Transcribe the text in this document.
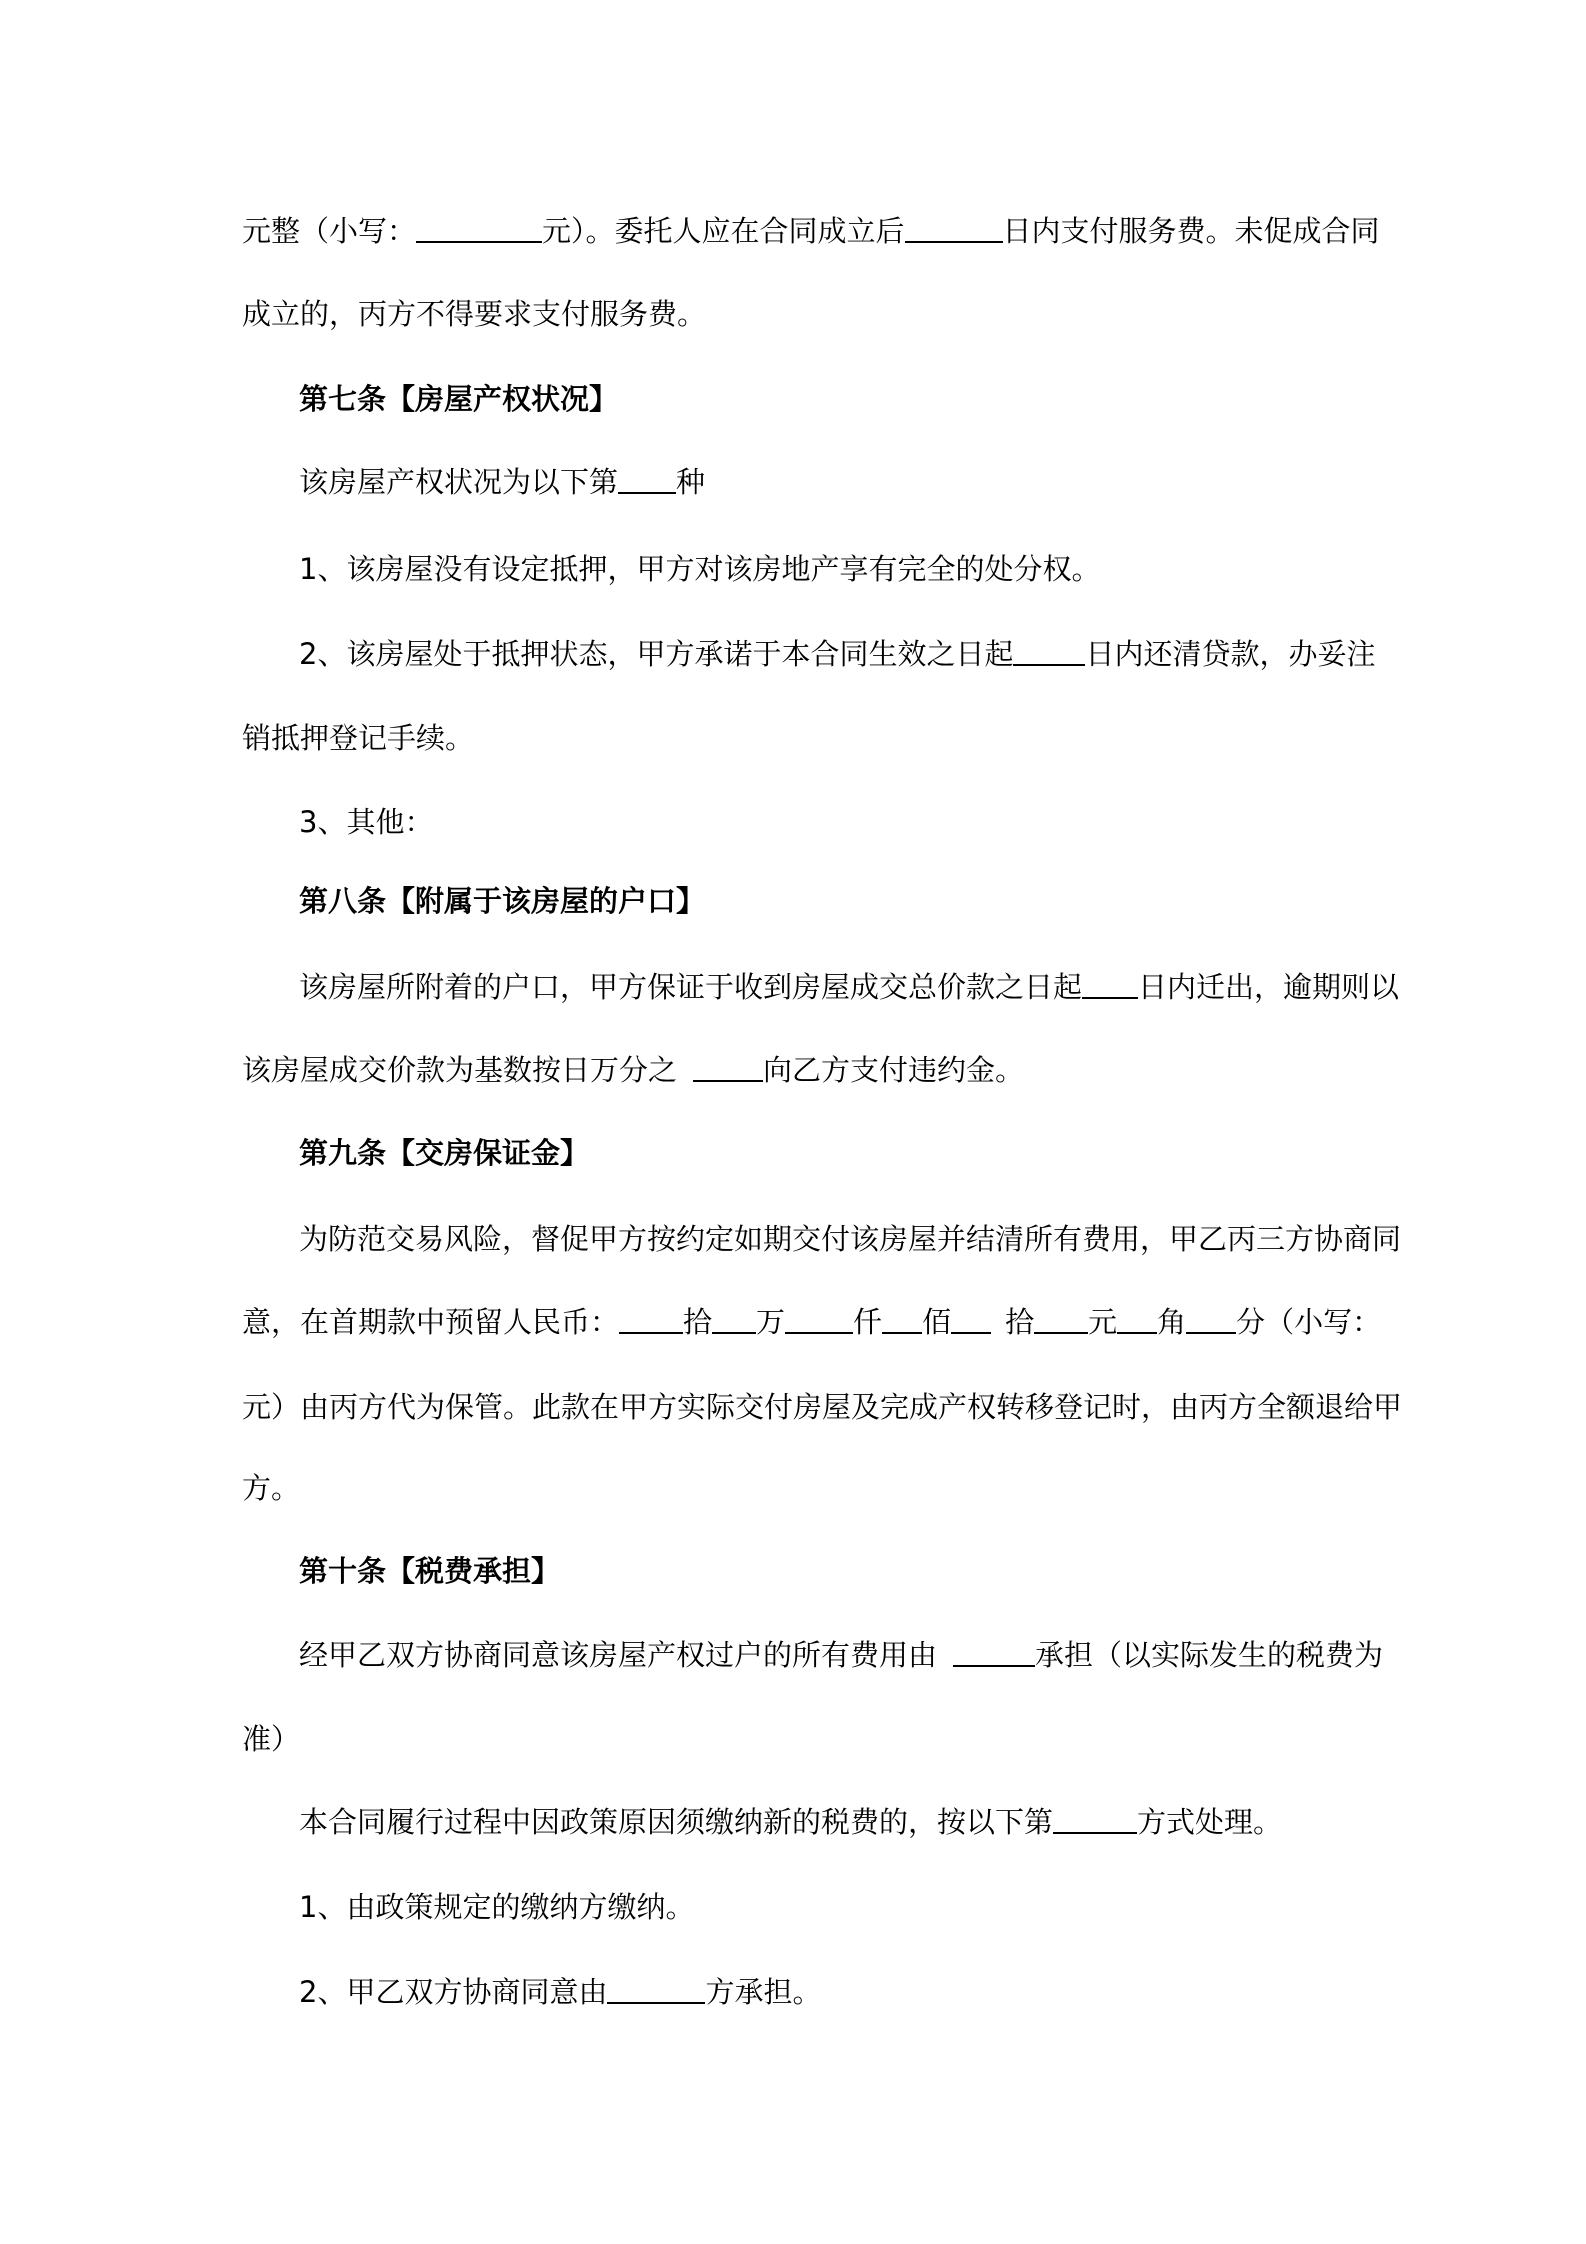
元整（小写：	元）。委托人应在合同成立后	日内支付服务费。未促成合同
成立的，丙方不得要求支付服务费。
第七条【房屋产权状况】
该房屋产权状况为以下第 种
1、该房屋没有设定抵押，甲方对该房地产享有完全的处分权。
2、该房屋处于抵押状态，甲方承诺于本合同生效之日起 日内还清贷款，办妥注
销抵押登记手续。
3、其他：
第八条【附属于该房屋的户口】
该房屋所附着的户口，甲方保证于收到房屋成交总价款之日起 日内迁出，逾期则以
该房屋成交价款为基数按日万分之	向乙方支付违约金。
第九条【交房保证金】
为防范交易风险，督促甲方按约定如期交付该房屋并结清所有费用，甲乙丙三方协商同
意，在首期款中预留人民币： 拾 万 仟 佰 拾 元 角 分（小写：
元）由丙方代为保管。此款在甲方实际交付房屋及完成产权转移登记时，由丙方全额退给甲
方。
第十条【税费承担】
经甲乙双方协商同意该房屋产权过户的所有费用由	承担（以实际发生的税费为
准）
本合同履行过程中因政策原因须缴纳新的税费的，按以下第	方式处理。
1、由政策规定的缴纳方缴纳。
2、甲乙双方协商同意由	方承担。
